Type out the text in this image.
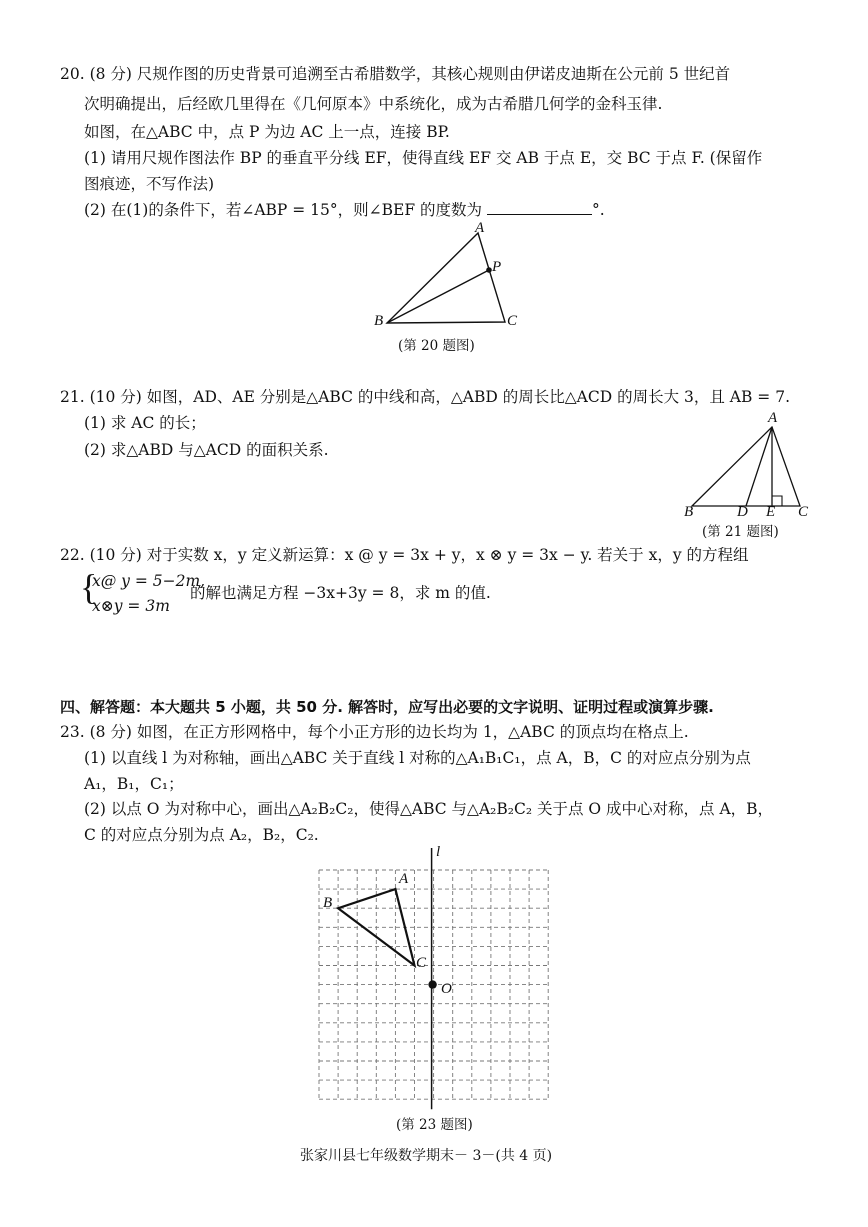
20. (8 分) 尺规作图的历史背景可追溯至古希腊数学，其核心规则由伊诺皮迪斯在公元前 5 世纪首
次明确提出，后经欧几里得在《几何原本》中系统化，成为古希腊几何学的金科玉律.
如图，在△ABC 中，点 P 为边 AC 上一点，连接 BP.
(1) 请用尺规作图法作 BP 的垂直平分线 EF，使得直线 EF 交 AB 于点 E，交 BC 于点 F. (保留作
图痕迹，不写作法)
(2) 在(1)的条件下，若∠ABP = 15°，则∠BEF 的度数为	°.
A
P
B	C
(第 20 题图)
21. (10 分) 如图，AD、AE 分别是△ABC 的中线和高，△ABD 的周长比△ACD 的周长大 3，且 AB = 7.
(1) 求 AC 的长；
(2) 求△ABD 与△ACD 的面积关系.
A
B	D E C
(第 21 题图)
22. (10 分) 对于实数 x，y 定义新运算：x @ y = 3x + y，x ⊗ y = 3x − y. 若关于 x，y 的方程组
{
x@ y = 5−2m,
x⊗y = 3m
的解也满足方程 −3x+3y = 8，求 m 的值.
四、解答题：本大题共 5 小题，共 50 分. 解答时，应写出必要的文字说明、证明过程或演算步骤.
23. (8 分) 如图，在正方形网格中，每个小正方形的边长均为 1，△ABC 的顶点均在格点上.
(1) 以直线 l 为对称轴，画出△ABC 关于直线 l 对称的△A₁B₁C₁，点 A，B，C 的对应点分别为点
A₁，B₁，C₁；
(2) 以点 O 为对称中心，画出△A₂B₂C₂，使得△ABC 与△A₂B₂C₂ 关于点 O 成中心对称，点 A，B，
C 的对应点分别为点 A₂，B₂，C₂.
l
A
B
C
O
(第 23 题图)
张家川县七年级数学期末－ 3－(共 4 页)
